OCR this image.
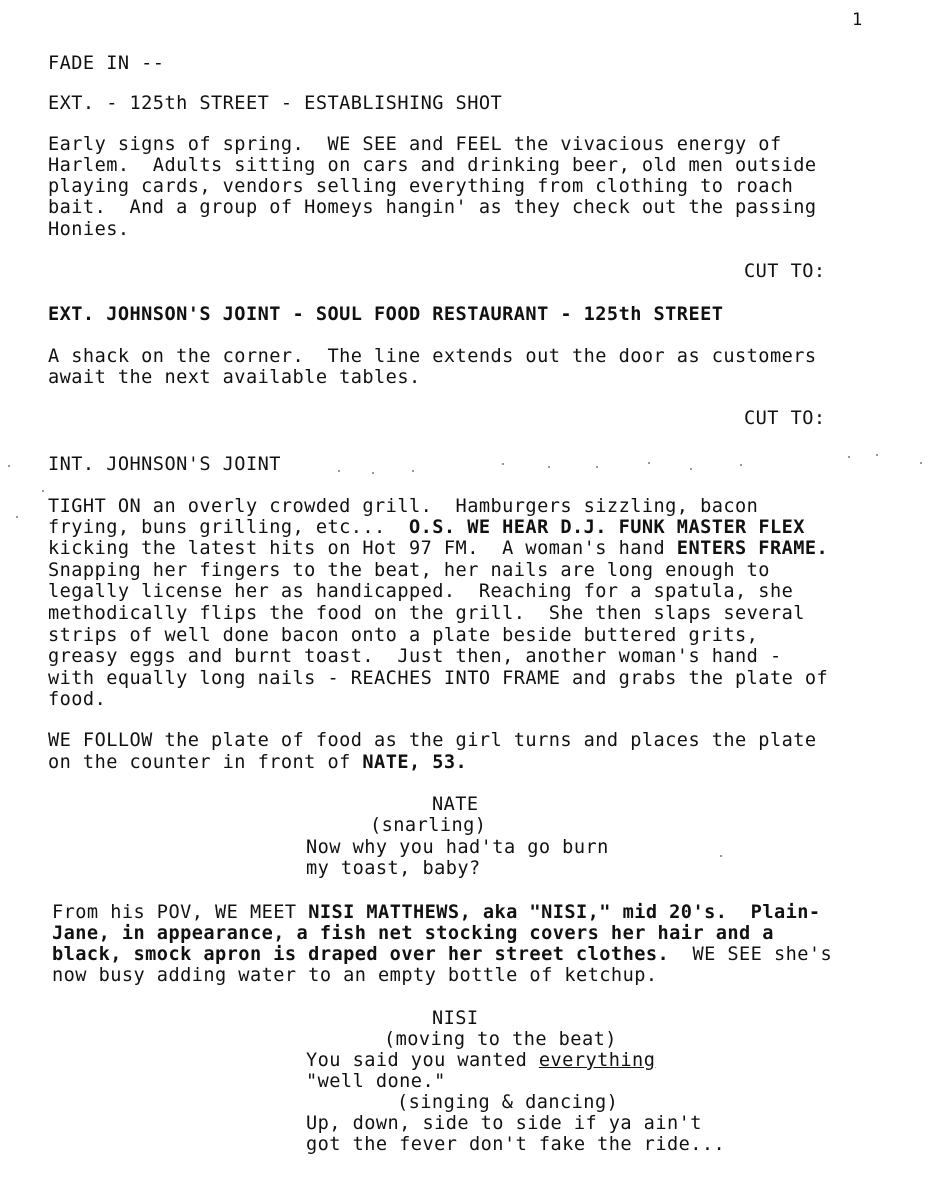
1
FADE IN --
EXT. - 125th STREET - ESTABLISHING SHOT
Early signs of spring.  WE SEE and FEEL the vivacious energy of
Harlem.  Adults sitting on cars and drinking beer, old men outside
playing cards, vendors selling everything from clothing to roach
bait.  And a group of Homeys hangin' as they check out the passing
Honies.
CUT TO:
EXT. JOHNSON'S JOINT - SOUL FOOD RESTAURANT - 125th STREET
A shack on the corner.  The line extends out the door as customers
await the next available tables.
CUT TO:
INT. JOHNSON'S JOINT
TIGHT ON an overly crowded grill.  Hamburgers sizzling, bacon
frying, buns grilling, etc...  O.S. WE HEAR D.J. FUNK MASTER FLEX
kicking the latest hits on Hot 97 FM.  A woman's hand ENTERS FRAME.
Snapping her fingers to the beat, her nails are long enough to
legally license her as handicapped.  Reaching for a spatula, she
methodically flips the food on the grill.  She then slaps several
strips of well done bacon onto a plate beside buttered grits,
greasy eggs and burnt toast.  Just then, another woman's hand -
with equally long nails - REACHES INTO FRAME and grabs the plate of
food.
WE FOLLOW the plate of food as the girl turns and places the plate
on the counter in front of NATE, 53.
NATE
(snarling)
Now why you had'ta go burn
my toast, baby?
From his POV, WE MEET NISI MATTHEWS, aka "NISI," mid 20's.  Plain-
Jane, in appearance, a fish net stocking covers her hair and a
black, smock apron is draped over her street clothes.  WE SEE she's
now busy adding water to an empty bottle of ketchup.
NISI
(moving to the beat)
You said you wanted everything
"well done."
(singing & dancing)
Up, down, side to side if ya ain't
got the fever don't fake the ride...
